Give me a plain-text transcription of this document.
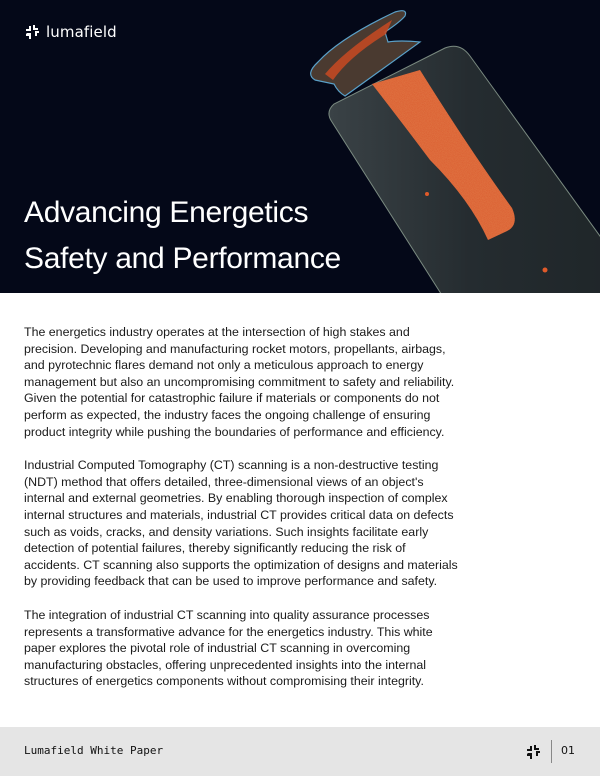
lumafield
Advancing Energetics
Safety and Performance

The energetics industry operates at the intersection of high stakes and
precision. Developing and manufacturing rocket motors, propellants, airbags,
and pyrotechnic flares demand not only a meticulous approach to energy
management but also an uncompromising commitment to safety and reliability.
Given the potential for catastrophic failure if materials or components do not
perform as expected, the industry faces the ongoing challenge of ensuring
product integrity while pushing the boundaries of performance and efficiency.

Industrial Computed Tomography (CT) scanning is a non-destructive testing
(NDT) method that offers detailed, three-dimensional views of an object's
internal and external geometries. By enabling thorough inspection of complex
internal structures and materials, industrial CT provides critical data on defects
such as voids, cracks, and density variations. Such insights facilitate early
detection of potential failures, thereby significantly reducing the risk of
accidents. CT scanning also supports the optimization of designs and materials
by providing feedback that can be used to improve performance and safety.

The integration of industrial CT scanning into quality assurance processes
represents a transformative advance for the energetics industry. This white
paper explores the pivotal role of industrial CT scanning in overcoming
manufacturing obstacles, offering unprecedented insights into the internal
structures of energetics components without compromising their integrity.

Lumafield White Paper	01
